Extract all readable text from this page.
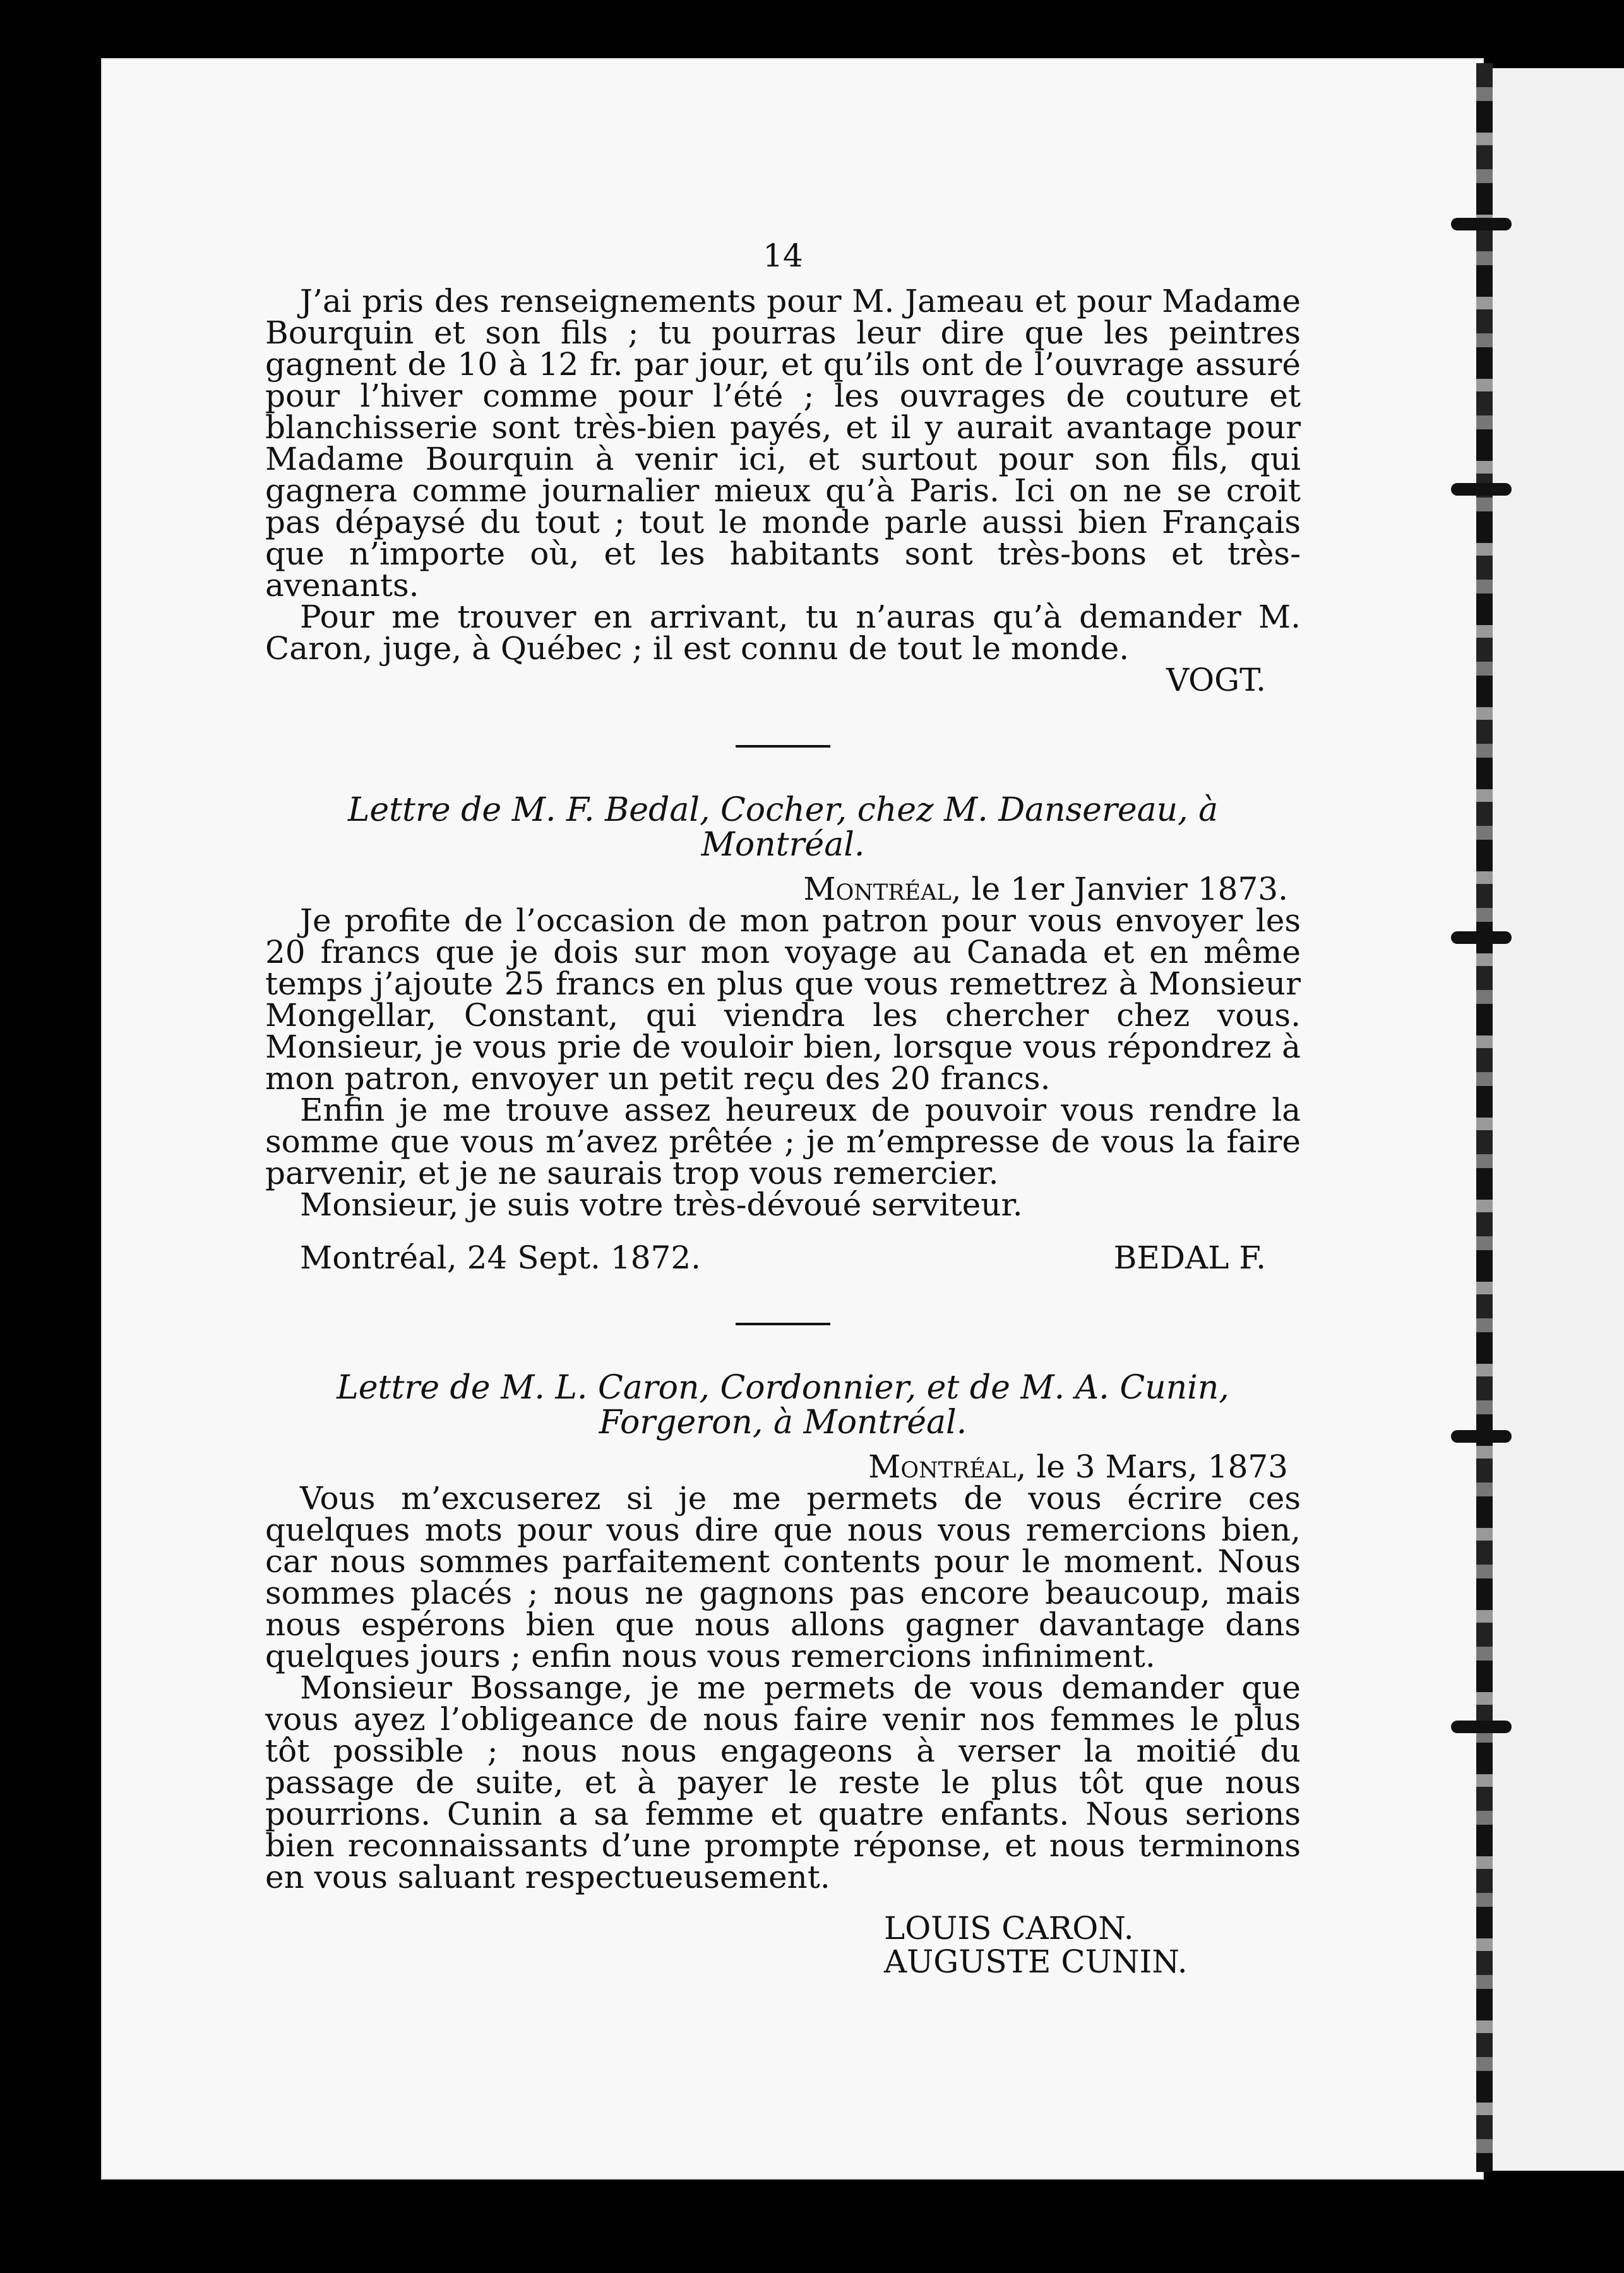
14

J’ai pris des renseignements pour M. Jameau et pour Madame Bourquin et son fils ; tu pourras leur dire que les peintres gagnent de 10 à 12 fr. par jour, et qu’ils ont de l’ouvrage assuré pour l’hiver comme pour l’été ; les ouvrages de couture et blanchisserie sont très-bien payés, et il y aurait avantage pour Madame Bourquin à venir ici, et surtout pour son fils, qui gagnera comme journalier mieux qu’à Paris. Ici on ne se croit pas dépaysé du tout ; tout le monde parle aussi bien Français que n’importe où, et les habitants sont très-bons et très-avenants.

Pour me trouver en arrivant, tu n’auras qu’à demander M. Caron, juge, à Québec ; il est connu de tout le monde.

VOGT.
Lettre de M. F. Bedal, Cocher, chez M. Dansereau, à Montréal.
Montréal, le 1er Janvier 1873.

Je profite de l’occasion de mon patron pour vous envoyer les 20 francs que je dois sur mon voyage au Canada et en même temps j’ajoute 25 francs en plus que vous remettrez à Monsieur Mongellar, Constant, qui viendra les chercher chez vous. Monsieur, je vous prie de vouloir bien, lorsque vous répondrez à mon patron, envoyer un petit reçu des 20 francs.

Enfin je me trouve assez heureux de pouvoir vous rendre la somme que vous m’avez prêtée ; je m’empresse de vous la faire parvenir, et je ne saurais trop vous remercier.

Monsieur, je suis votre très-dévoué serviteur.

Montréal, 24 Sept. 1872.	BEDAL F.
Lettre de M. L. Caron, Cordonnier, et de M. A. Cunin, Forgeron, à Montréal.
Montréal, le 3 Mars, 1873

Vous m’excuserez si je me permets de vous écrire ces quelques mots pour vous dire que nous vous remercions bien, car nous sommes parfaitement contents pour le moment. Nous sommes placés ; nous ne gagnons pas encore beaucoup, mais nous espérons bien que nous allons gagner davantage dans quelques jours ; enfin nous vous remercions infiniment.

Monsieur Bossange, je me permets de vous demander que vous ayez l’obligeance de nous faire venir nos femmes le plus tôt possible ; nous nous engageons à verser la moitié du passage de suite, et à payer le reste le plus tôt que nous pourrions. Cunin a sa femme et quatre enfants. Nous serions bien reconnaissants d’une prompte réponse, et nous terminons en vous saluant respectueusement.

LOUIS CARON.
AUGUSTE CUNIN.
